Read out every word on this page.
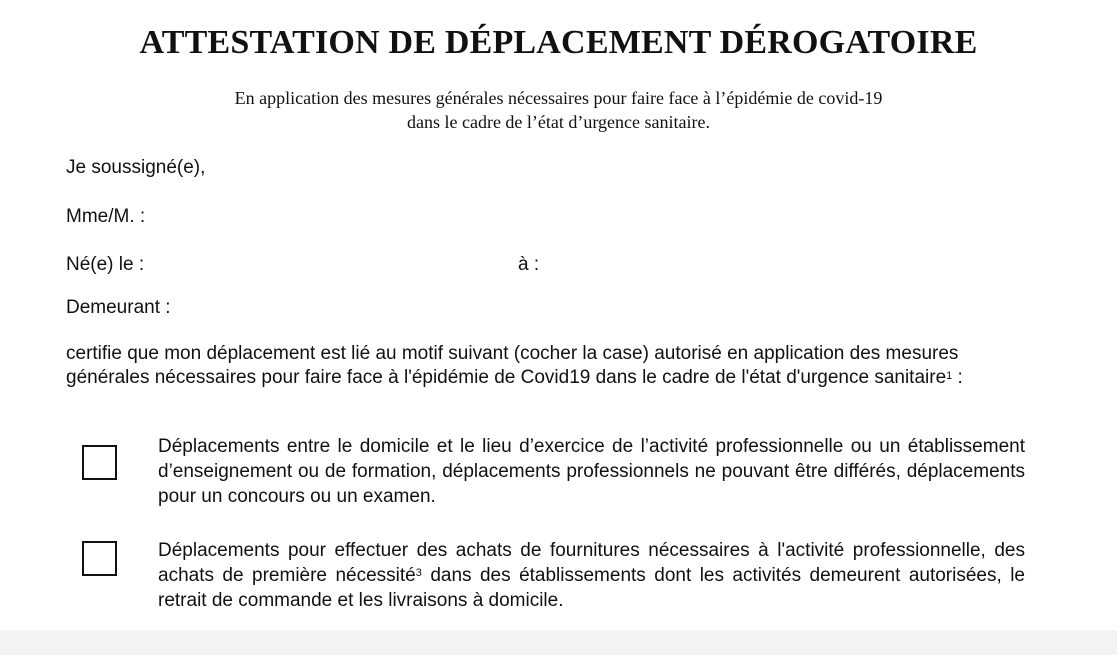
ATTESTATION DE DÉPLACEMENT DÉROGATOIRE
En application des mesures générales nécessaires pour faire face à l’épidémie de covid-19
dans le cadre de l’état d’urgence sanitaire.

Je soussigné(e),

Mme/M. :

Né(e) le :	à :

Demeurant :

certifie que mon déplacement est lié au motif suivant (cocher la case) autorisé en application des mesures générales nécessaires pour faire face à l'épidémie de Covid19 dans le cadre de l'état d'urgence sanitaire$^1$ :

Déplacements entre le domicile et le lieu d’exercice de l’activité professionnelle ou un établissement d’enseignement ou de formation, déplacements professionnels ne pouvant être différés, déplacements pour un concours ou un examen.

Déplacements pour effectuer des achats de fournitures nécessaires à l'activité professionnelle, des achats de première nécessité$^3$ dans des établissements dont les activités demeurent autorisées, le retrait de commande et les livraisons à domicile.
